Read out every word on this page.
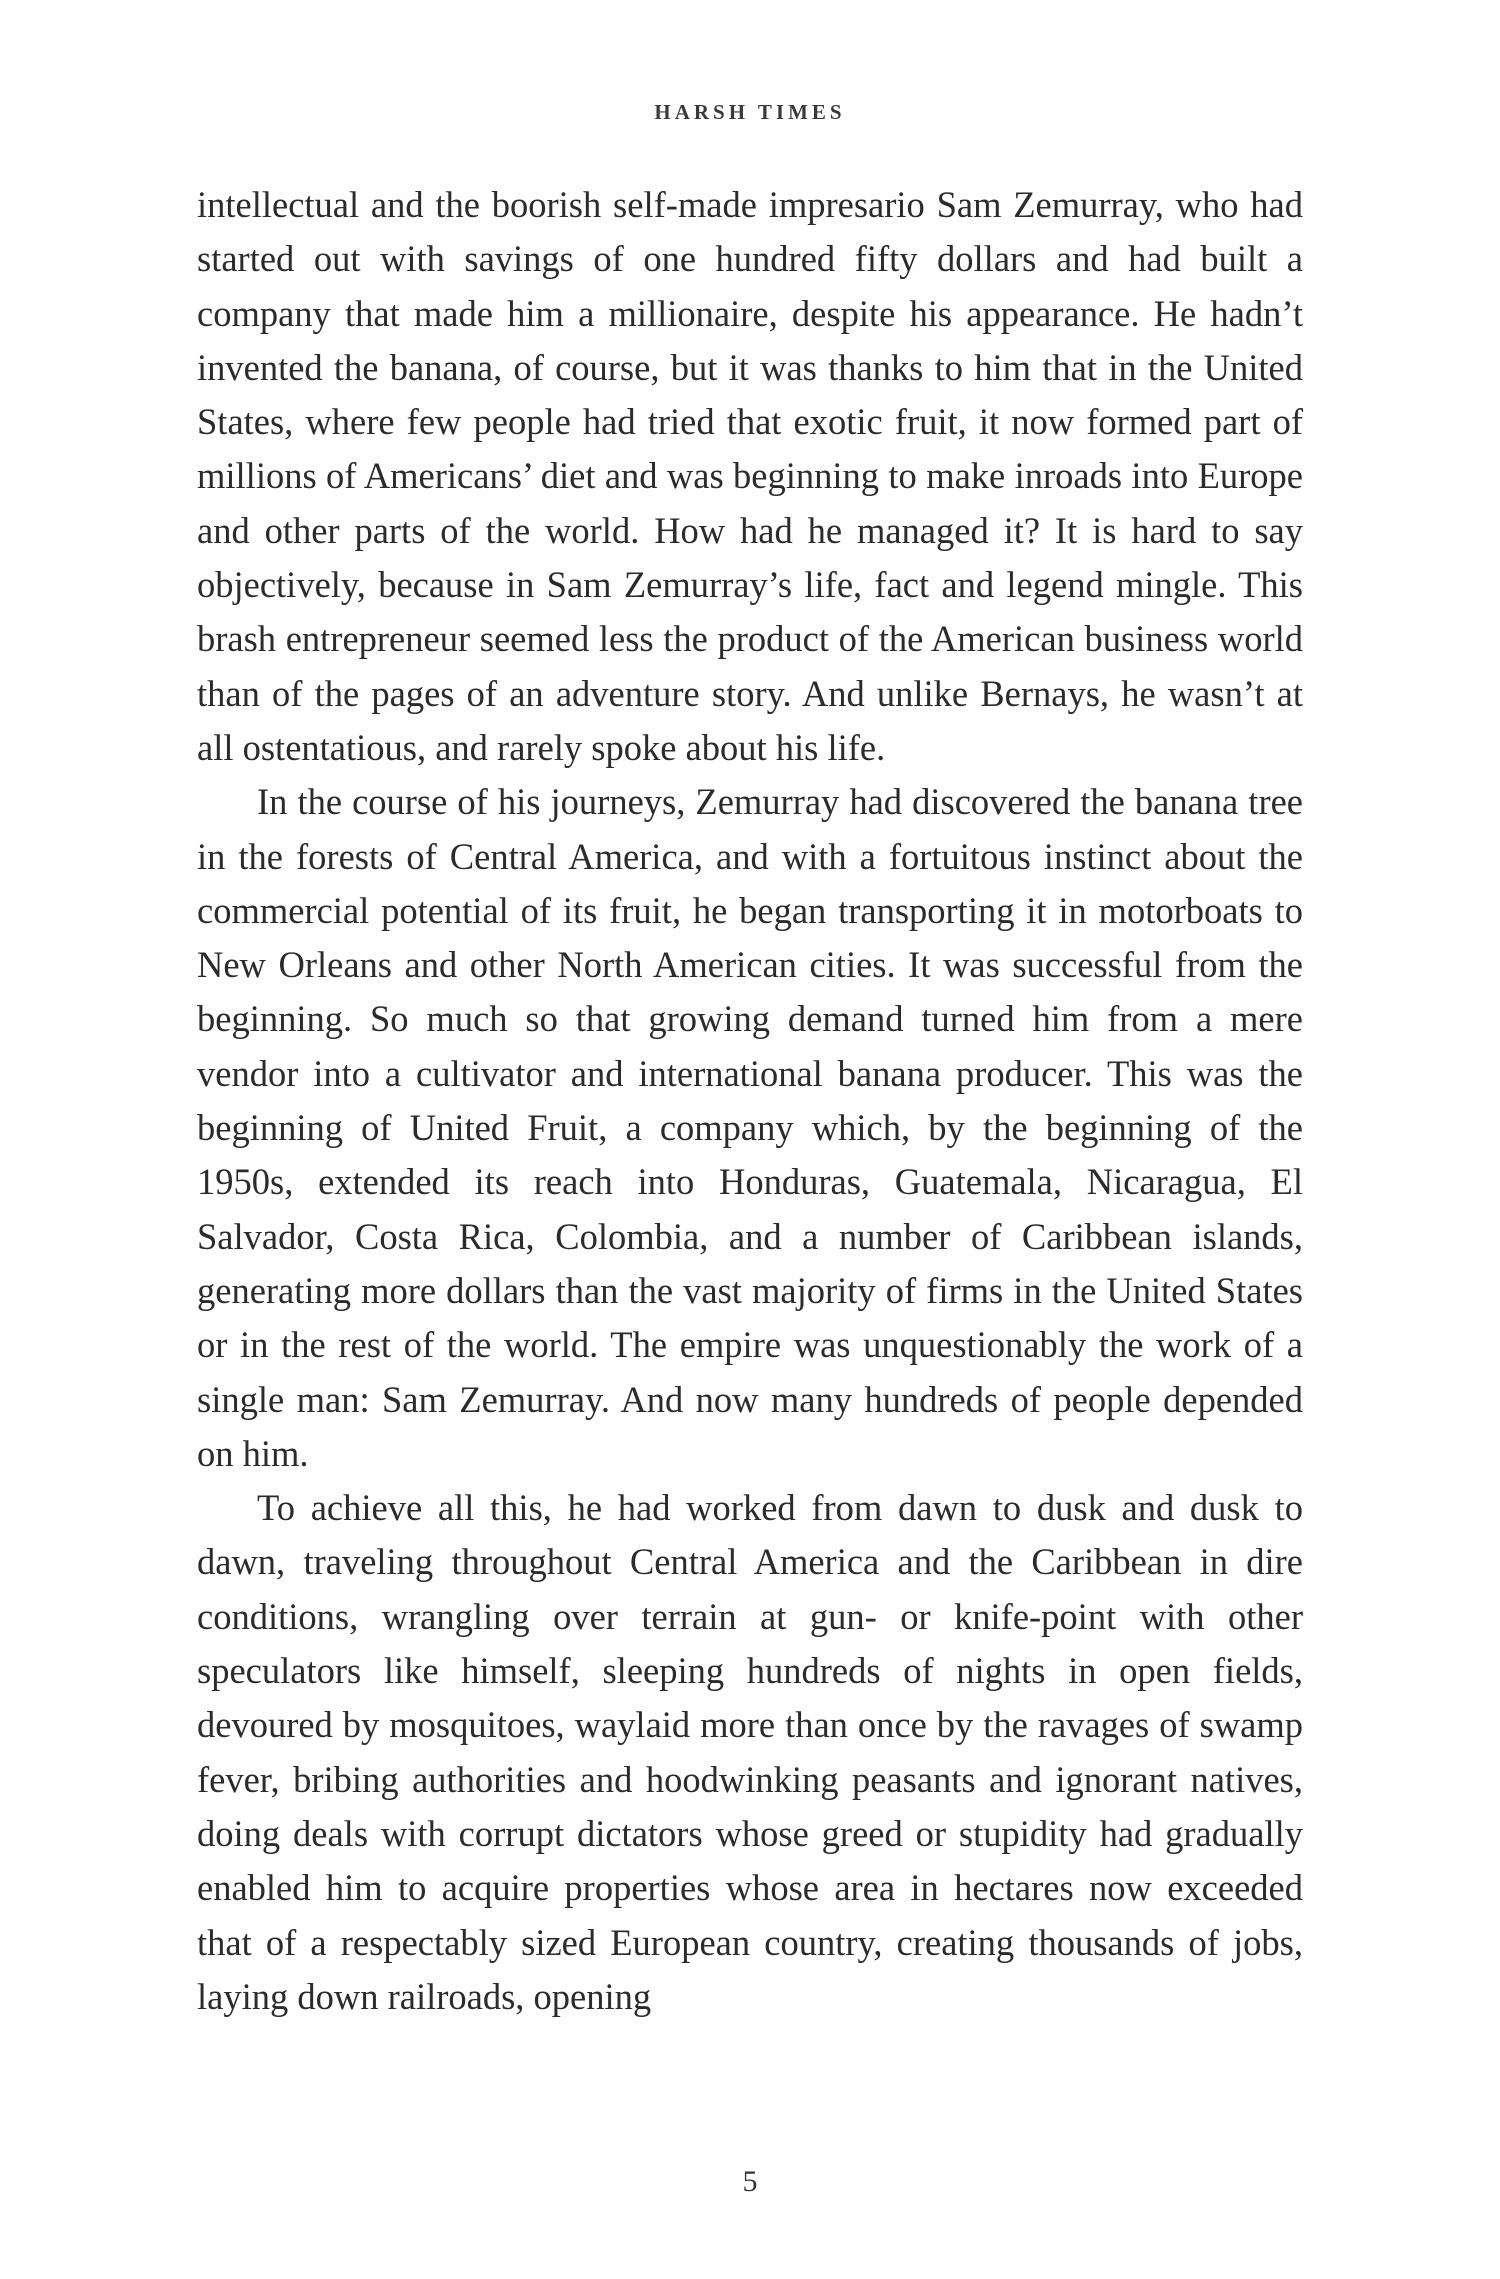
HARSH TIMES

intellectual and the boorish self-made impresario Sam Zemurray, who had started out with savings of one hundred fifty dollars and had built a company that made him a millionaire, despite his appearance. He hadn’t invented the banana, of course, but it was thanks to him that in the United States, where few people had tried that exotic fruit, it now formed part of millions of Americans’ diet and was beginning to make inroads into Europe and other parts of the world. How had he managed it? It is hard to say objectively, because in Sam Zemurray’s life, fact and legend mingle. This brash entrepreneur seemed less the product of the American business world than of the pages of an adventure story. And unlike Bernays, he wasn’t at all ostentatious, and rarely spoke about his life.

In the course of his journeys, Zemurray had discovered the banana tree in the forests of Central America, and with a fortuitous instinct about the commercial potential of its fruit, he began transporting it in motorboats to New Orleans and other North American cities. It was successful from the beginning. So much so that growing demand turned him from a mere vendor into a cultivator and international banana producer. This was the beginning of United Fruit, a company which, by the beginning of the 1950s, extended its reach into Honduras, Guatemala, Nicaragua, El Salvador, Costa Rica, Colombia, and a number of Caribbean islands, generating more dollars than the vast majority of firms in the United States or in the rest of the world. The empire was unquestionably the work of a single man: Sam Zemurray. And now many hundreds of people depended on him.

To achieve all this, he had worked from dawn to dusk and dusk to dawn, traveling throughout Central America and the Caribbean in dire conditions, wrangling over terrain at gun- or knife-point with other speculators like himself, sleeping hundreds of nights in open fields, devoured by mosquitoes, waylaid more than once by the ravages of swamp fever, bribing authorities and hoodwinking peasants and ignorant natives, doing deals with corrupt dictators whose greed or stupidity had gradually enabled him to acquire properties whose area in hectares now exceeded that of a respectably sized European country, creating thousands of jobs, laying down railroads, opening

5
